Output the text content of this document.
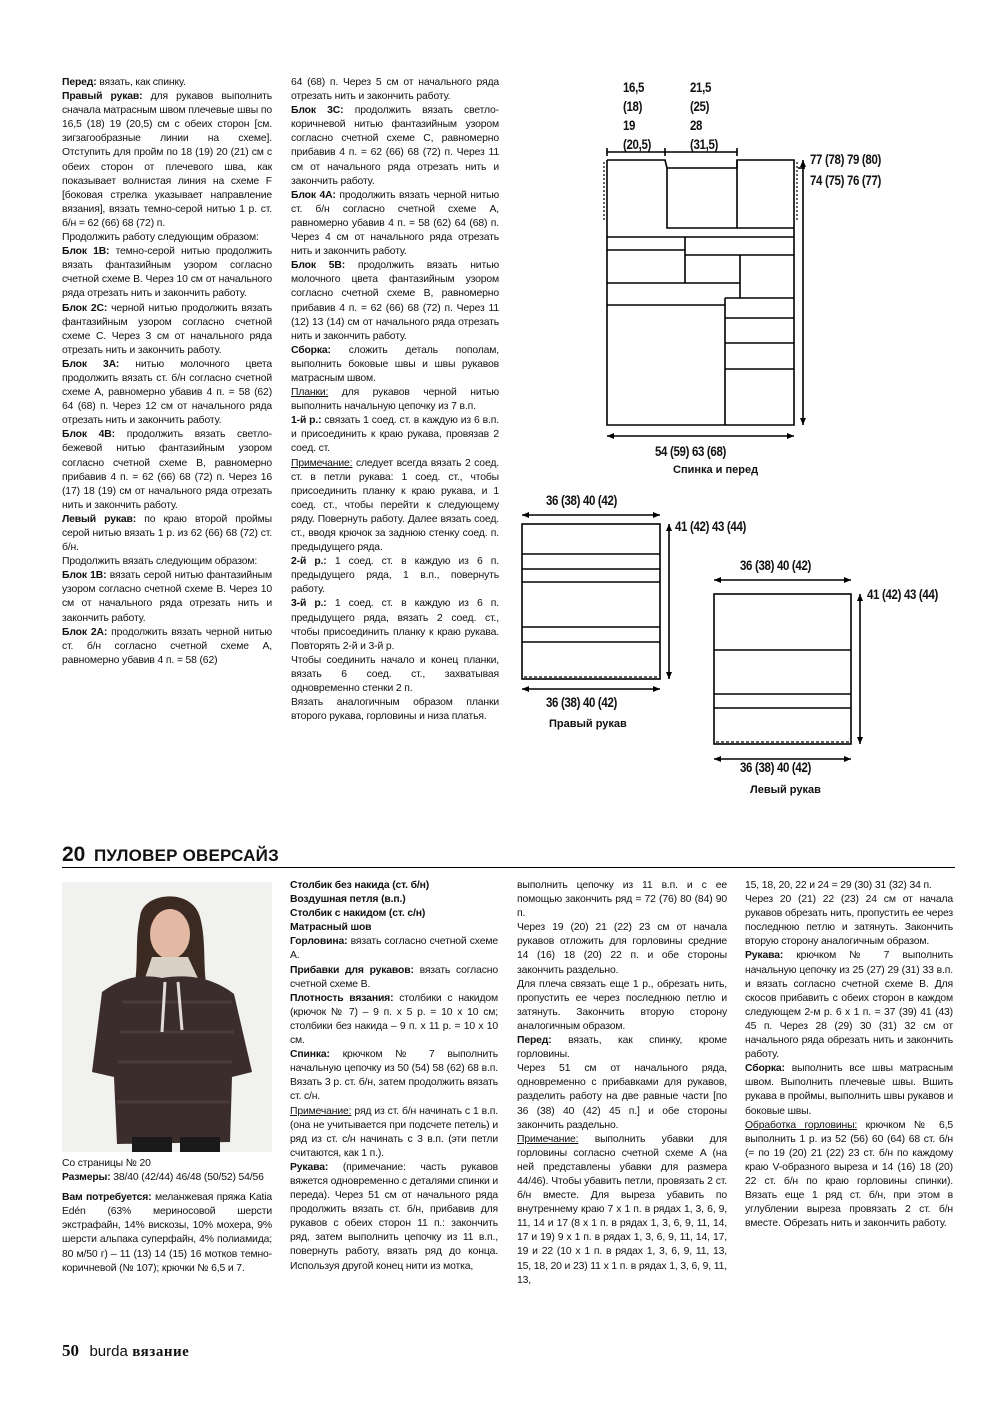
Перед: вязать, как спинку.

Правый рукав: для рукавов выполнить сначала матрасным швом плечевые швы по 16,5 (18) 19 (20,5) см с обеих сторон [см. зигзагообразные линии на схеме]. Отступить для пройм по 18 (19) 20 (21) см с обеих сторон от плечевого шва, как показывает волнистая линия на схеме F [боковая стрелка указывает направление вязания], вязать темно-серой нитью 1 р. ст. б/н = 62 (66) 68 (72) п.

Продолжить работу следующим образом:

Блок 1В: темно-серой нитью продолжить вязать фантазийным узором согласно счетной схеме B. Через 10 см от начального ряда отрезать нить и закончить работу.

Блок 2С: черной нитью продолжить вязать фантазийным узором согласно счетной схеме C. Через 3 см от начального ряда отрезать нить и закончить работу.

Блок 3А: нитью молочного цвета продолжить вязать ст. б/н согласно счетной схеме A, равномерно убавив 4 п. = 58 (62) 64 (68) п. Через 12 см от начального ряда отрезать нить и закончить работу.

Блок 4В: продолжить вязать светло-бежевой нитью фантазийным узором согласно счетной схеме B, равномерно прибавив 4 п. = 62 (66) 68 (72) п. Через 16 (17) 18 (19) см от начального ряда отрезать нить и закончить работу.

Левый рукав: по краю второй проймы серой нитью вязать 1 р. из 62 (66) 68 (72) ст. б/н.

Продолжить вязать следующим образом:

Блок 1В: вязать серой нитью фантазийным узором согласно счетной схеме B. Через 10 см от начального ряда отрезать нить и закончить работу.

Блок 2А: продолжить вязать черной нитью ст. б/н согласно счетной схеме A, равномерно убавив 4 п. = 58 (62)

64 (68) п. Через 5 см от начального ряда отрезать нить и закончить работу.

Блок 3С: продолжить вязать светло-коричневой нитью фантазийным узором согласно счетной схеме C, равномерно прибавив 4 п. = 62 (66) 68 (72) п. Через 11 см от начального ряда отрезать нить и закончить работу.

Блок 4А: продолжить вязать черной нитью ст. б/н согласно счетной схеме A, равномерно убавив 4 п. = 58 (62) 64 (68) п. Через 4 см от начального ряда отрезать нить и закончить работу.

Блок 5В: продолжить вязать нитью молочного цвета фантазийным узором согласно счетной схеме B, равномерно прибавив 4 п. = 62 (66) 68 (72) п. Через 11 (12) 13 (14) см от начального ряда отрезать нить и закончить работу.

Сборка: сложить деталь пополам, выполнить боковые швы и швы рукавов матрасным швом.

Планки: для рукавов черной нитью выполнить начальную цепочку из 7 в.п.

1-й р.: связать 1 соед. ст. в каждую из 6 в.п. и присоединить к краю рукава, провязав 2 соед. ст.

Примечание: следует всегда вязать 2 соед. ст. в петли рукава: 1 соед. ст., чтобы присоединить планку к краю рукава, и 1 соед. ст., чтобы перейти к следующему ряду. Повернуть работу. Далее вязать соед. ст., вводя крючок за заднюю стенку соед. п. предыдущего ряда.

2-й р.: 1 соед. ст. в каждую из 6 п. предыдущего ряда, 1 в.п., повернуть работу.

3-й р.: 1 соед. ст. в каждую из 6 п. предыдущего ряда, вязать 2 соед. ст., чтобы присоединить планку к краю рукава. Повторять 2-й и 3-й р.

Чтобы соединить начало и конец планки, вязать 6 соед. ст., захватывая одновременно стенки 2 п.

Вязать аналогичным образом планки второго рукава, горловины и низа платья.

16,5
(18)
19
(20,5)
21,5
(25)
28
(31,5)
77 (78) 79 (80)
74 (75) 76 (77)
54 (59) 63 (68)
Спинка и перед
36 (38) 40 (42)
41 (42) 43 (44)
36 (38) 40 (42)
Правый рукав
36 (38) 40 (42)
41 (42) 43 (44)
36 (38) 40 (42)
Левый рукав
20 ПУЛОВЕР ОВЕРСАЙЗ

Со страницы № 20

Размеры: 38/40 (42/44) 46/48 (50/52) 54/56

Вам потребуется: меланжевая пряжа Katia Edén (63% мериносовой шерсти экстрафайн, 14% вискозы, 10% мохера, 9% шерсти альпака суперфайн, 4% полиамида; 80 м/50 г) – 11 (13) 14 (15) 16 мотков темно-коричневой (№ 107); крючки № 6,5 и 7.

Столбик без накида (ст. б/н)

Воздушная петля (в.п.)

Столбик с накидом (ст. с/н)

Матрасный шов

Горловина: вязать согласно счетной схеме A.

Прибавки для рукавов: вязать согласно счетной схеме B.

Плотность вязания: столбики с накидом (крючок № 7) – 9 п. х 5 р. = 10 х 10 см; столбики без накида – 9 п. х 11 р. = 10 х 10 см.

Спинка: крючком № 7 выполнить начальную цепочку из 50 (54) 58 (62) 68 в.п. Вязать 3 р. ст. б/н, затем продолжить вязать ст. с/н.

Примечание: ряд из ст. б/н начинать с 1 в.п. (она не учитывается при подсчете петель) и ряд из ст. с/н начинать с 3 в.п. (эти петли считаются, как 1 п.).

Рукава: (примечание: часть рукавов вяжется одновременно с деталями спинки и переда). Через 51 см от начального ряда продолжить вязать ст. б/н, прибавив для рукавов с обеих сторон 11 п.: закончить ряд, затем выполнить цепочку из 11 в.п., повернуть работу, вязать ряд до конца. Используя другой конец нити из мотка,

выполнить цепочку из 11 в.п. и с ее помощью закончить ряд = 72 (76) 80 (84) 90 п.

Через 19 (20) 21 (22) 23 см от начала рукавов отложить для горловины средние 14 (16) 18 (20) 22 п. и обе стороны закончить раздельно.

Для плеча связать еще 1 р., обрезать нить, пропустить ее через последнюю петлю и затянуть. Закончить вторую сторону аналогичным образом.

Перед: вязать, как спинку, кроме горловины.

Через 51 см от начального ряда, одновременно с прибавками для рукавов, разделить работу на две равные части [по 36 (38) 40 (42) 45 п.] и обе стороны закончить раздельно.

Примечание: выполнить убавки для горловины согласно счетной схеме A (на ней представлены убавки для размера 44/46). Чтобы убавить петли, провязать 2 ст. б/н вместе. Для выреза убавить по внутреннему краю 7 х 1 п. в рядах 1, 3, 6, 9, 11, 14 и 17 (8 х 1 п. в рядах 1, 3, 6, 9, 11, 14, 17 и 19) 9 х 1 п. в рядах 1, 3, 6, 9, 11, 14, 17, 19 и 22 (10 х 1 п. в рядах 1, 3, 6, 9, 11, 13, 15, 18, 20 и 23) 11 х 1 п. в рядах 1, 3, 6, 9, 11, 13,

15, 18, 20, 22 и 24 = 29 (30) 31 (32) 34 п.

Через 20 (21) 22 (23) 24 см от начала рукавов обрезать нить, пропустить ее через последнюю петлю и затянуть. Закончить вторую сторону аналогичным образом.

Рукава: крючком № 7 выполнить начальную цепочку из 25 (27) 29 (31) 33 в.п. и вязать согласно счетной схеме B. Для скосов прибавить с обеих сторон в каждом следующем 2-м р. 6 х 1 п. = 37 (39) 41 (43) 45 п. Через 28 (29) 30 (31) 32 см от начального ряда обрезать нить и закончить работу.

Сборка: выполнить все швы матрасным швом. Выполнить плечевые швы. Вшить рукава в проймы, выполнить швы рукавов и боковые швы.

Обработка горловины: крючком № 6,5 выполнить 1 р. из 52 (56) 60 (64) 68 ст. б/н (= по 19 (20) 21 (22) 23 ст. б/н по каждому краю V-образного выреза и 14 (16) 18 (20) 22 ст. б/н по краю горловины спинки). Вязать еще 1 ряд ст. б/н, при этом в углублении выреза провязать 2 ст. б/н вместе. Обрезать нить и закончить работу.

50 burda вязание
